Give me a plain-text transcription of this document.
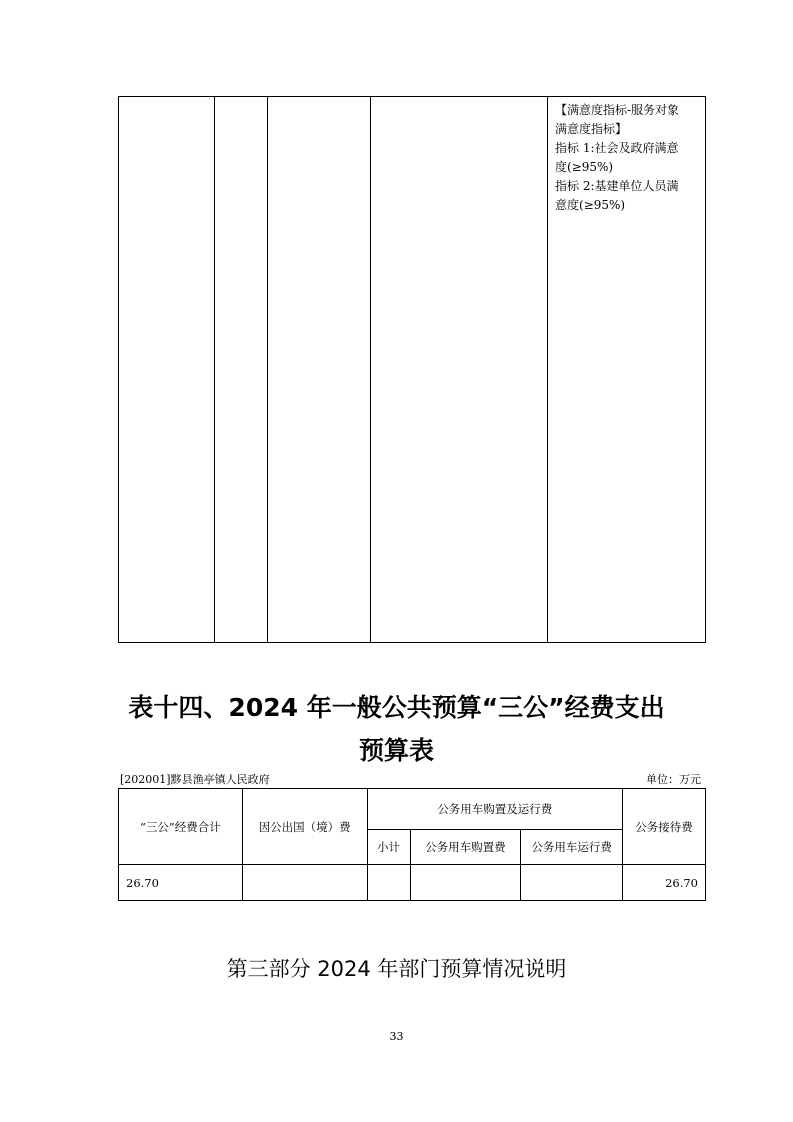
【满意度指标-服务对象
满意度指标】
指标 1:社会及政府满意
度(≥95%)
指标 2:基建单位人员满
意度(≥95%)
表十四、2024 年一般公共预算“三公”经费支出
预算表
[202001]黟县渔亭镇人民政府	单位：万元
“三公”经费合计	因公出国（境）费	公务用车购置及运行费			公务接待费
		小计	公务用车购置费	公务用车运行费	
26.70					26.70
第三部分 2024 年部门预算情况说明
33
